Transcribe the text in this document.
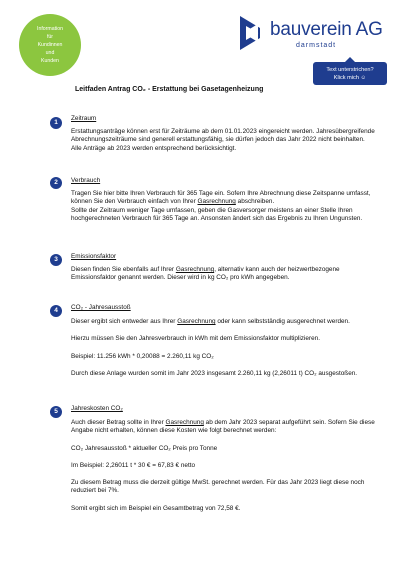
Information
für
Kundinnen
und
Kunden
bauverein AG
darmstadt
Text unterstrichen?
Klick mich ☺
Leitfaden Antrag CO₂ - Erstattung bei Gasetagenheizung
1
Zeitraum

Erstattungsanträge können erst für Zeiträume ab dem 01.01.2023 eingereicht werden. Jahresübergreifende Abrechnungszeiträume sind generell erstattungsfähig, sie dürfen jedoch das Jahr 2022 nicht beinhalten. Alle Anträge ab 2023 werden entsprechend berücksichtigt.

2	Verbrauch

Tragen Sie hier bitte Ihren Verbrauch für 365 Tage ein. Sofern Ihre Abrechnung diese Zeitspanne umfasst, können Sie den Verbrauch einfach von Ihrer Gasrechnung abschreiben.

Sollte der Zeitraum weniger Tage umfassen, geben die Gasversorger meistens an einer Stelle Ihren hochgerechneten Verbrauch für 365 Tage an. Ansonsten ändert sich das Ergebnis zu Ihren Ungunsten.

3	Emissionsfaktor

Diesen finden Sie ebenfalls auf Ihrer Gasrechnung, alternativ kann auch der heizwertbezogene Emissionsfaktor genannt werden. Dieser wird in kg CO₂ pro kWh angegeben.

4	CO₂ - Jahresausstoß

Dieser ergibt sich entweder aus Ihrer Gasrechnung oder kann selbstständig ausgerechnet werden.

Hierzu müssen Sie den Jahresverbrauch in kWh mit dem Emissionsfaktor multiplizieren.

Beispiel: 11.256 kWh * 0,20088 = 2.260,11 kg CO₂

Durch diese Anlage wurden somit im Jahr 2023 insgesamt 2.260,11 kg (2,26011 t) CO₂ ausgestoßen.

5	Jahreskosten CO₂

Auch dieser Betrag sollte in Ihrer Gasrechnung ab dem Jahr 2023 separat aufgeführt sein. Sofern Sie diese Angabe nicht erhalten, können diese Kosten wie folgt berechnet werden:

CO₂ Jahresausstoß * aktueller CO₂ Preis pro Tonne

Im Beispiel: 2,26011 t * 30 € = 67,83 € netto

Zu diesem Betrag muss die derzeit gültige MwSt. gerechnet werden. Für das Jahr 2023 liegt diese noch reduziert bei 7%.

Somit ergibt sich im Beispiel ein Gesamtbetrag von 72,58 €.
